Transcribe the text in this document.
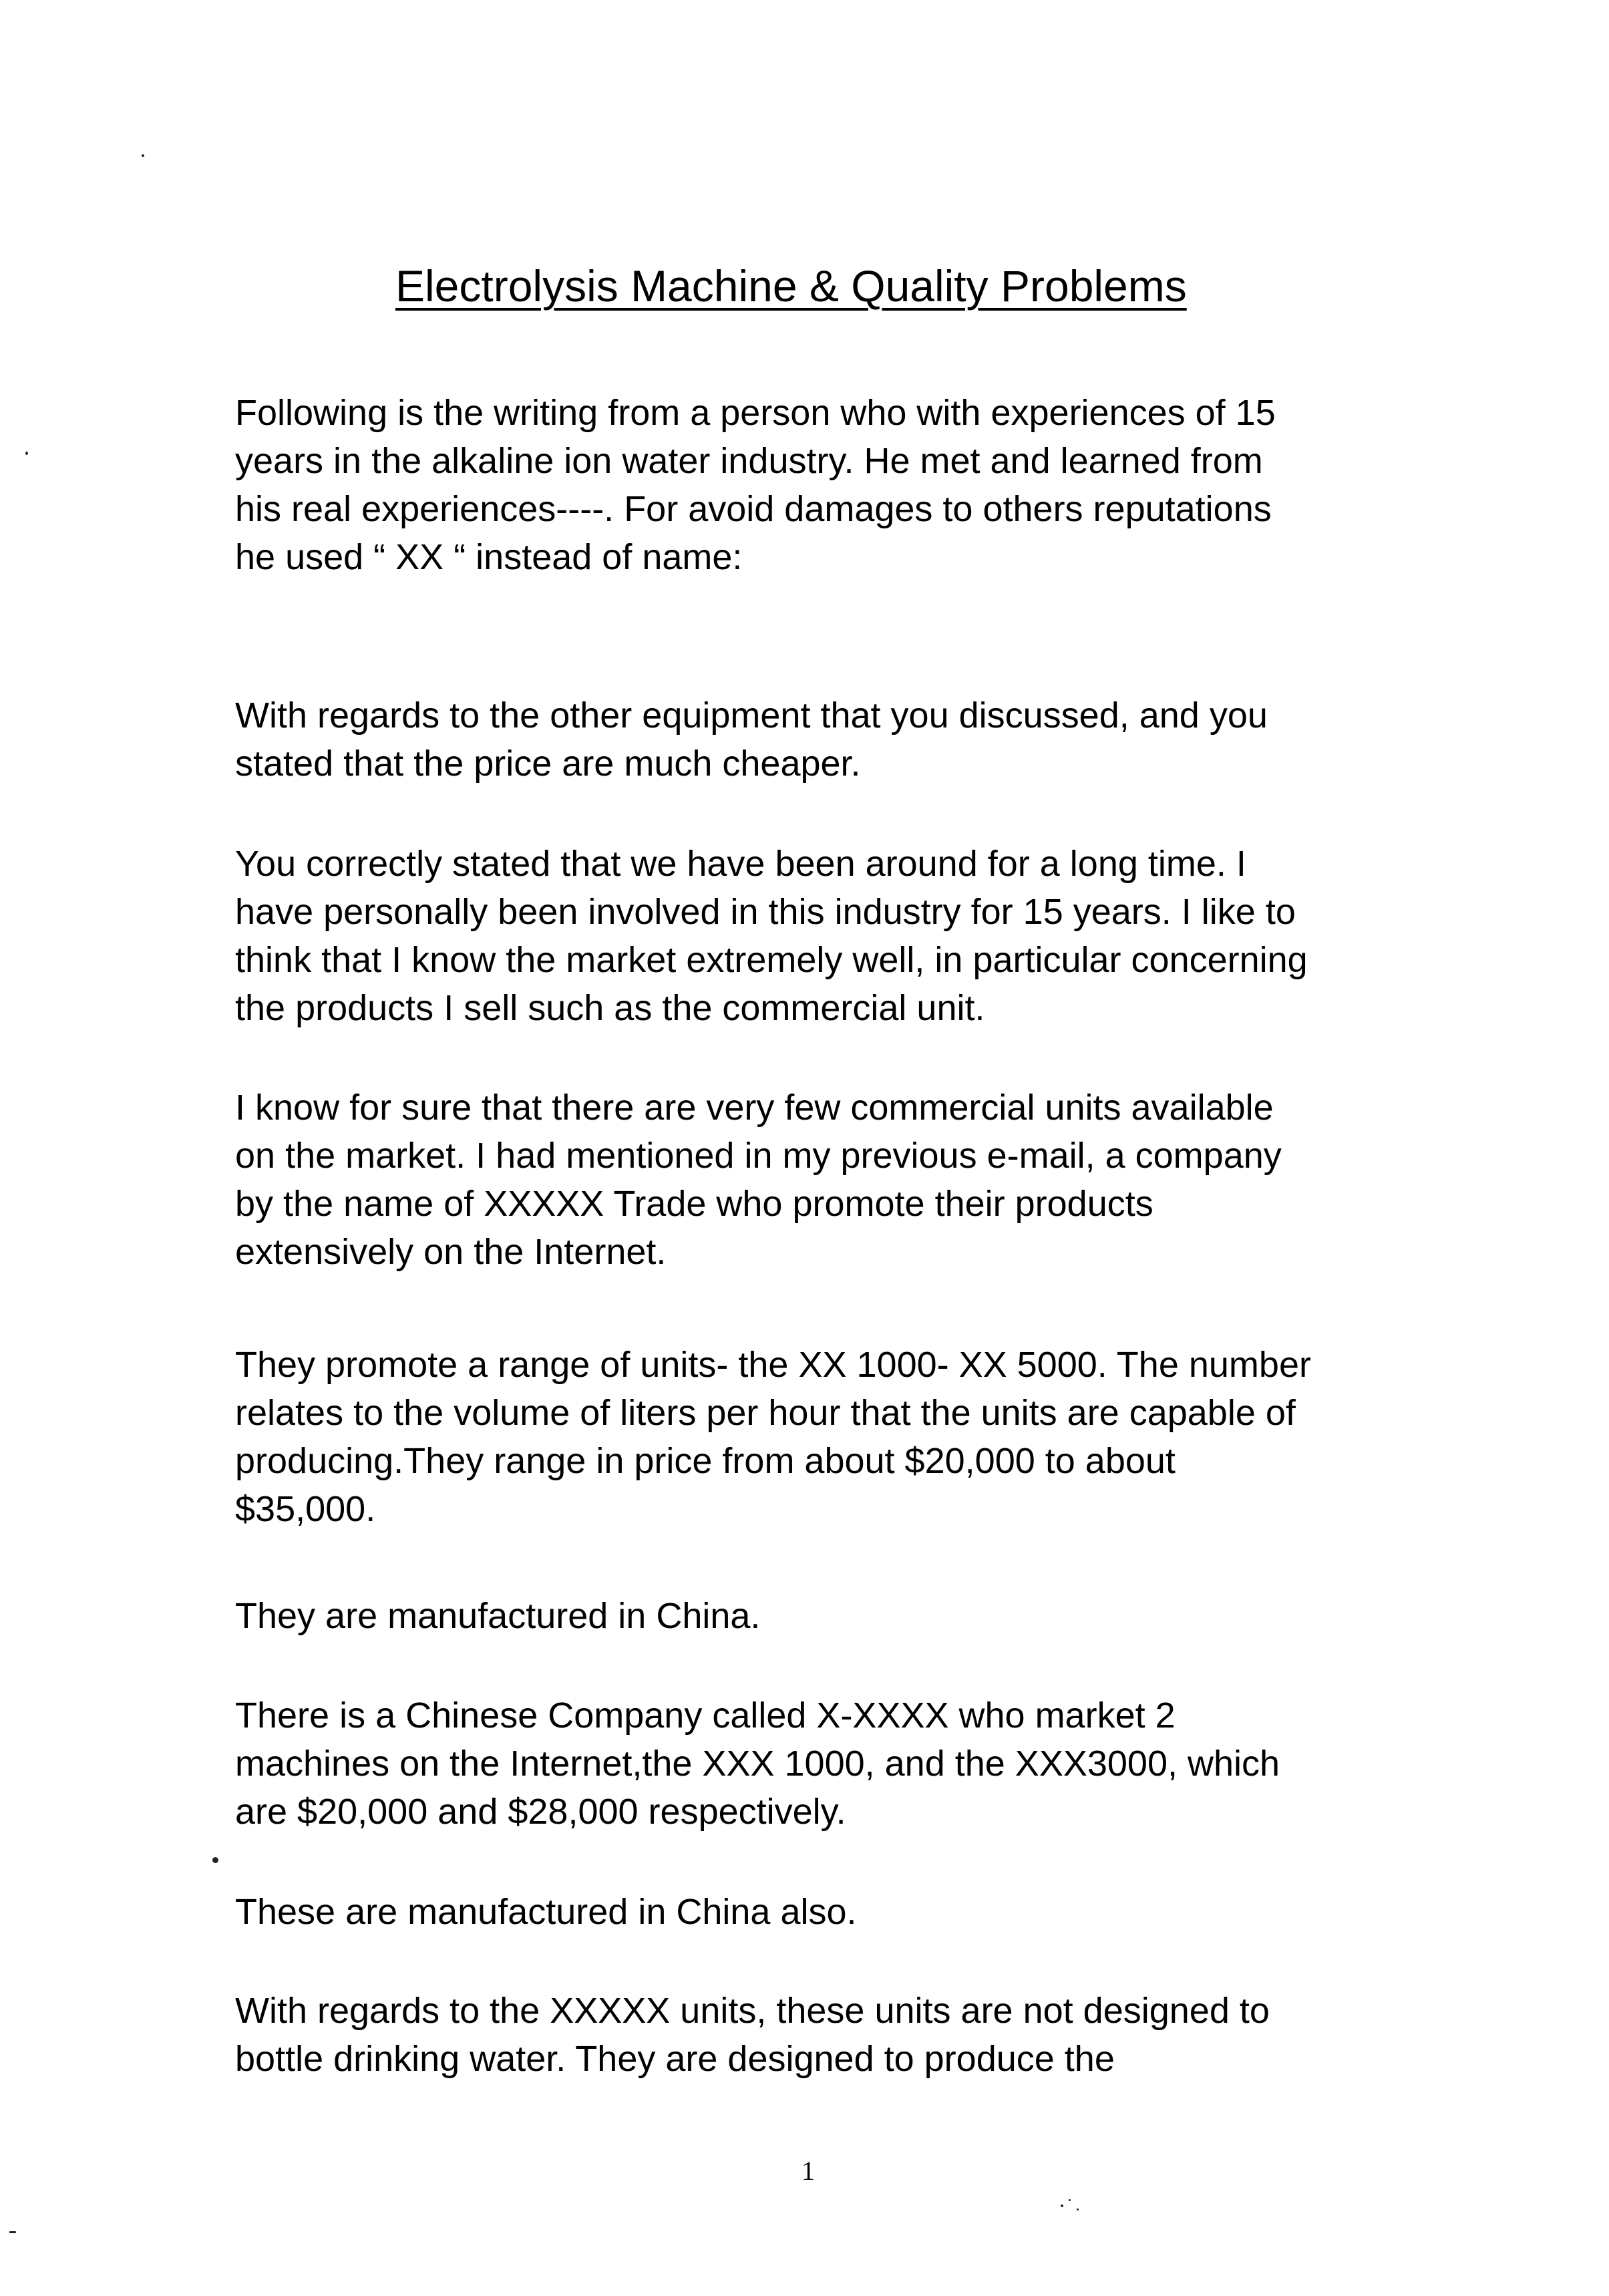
Electrolysis Machine & Quality Problems

Following is the writing from a person who with experiences of 15
years in the alkaline ion water industry. He met and learned from
his real experiences----. For avoid damages to others reputations
he used “ XX “ instead of name:

With regards to the other equipment that you discussed, and you
stated that the price are much cheaper.

You correctly stated that we have been around for a long time. I
have personally been involved in this industry for 15 years. I like to
think that I know the market extremely well, in particular concerning
the products I sell such as the commercial unit.

I know for sure that there are very few commercial units available
on the market. I had mentioned in my previous e-mail, a company
by the name of XXXXX Trade who promote their products
extensively on the Internet.

They promote a range of units- the XX 1000- XX 5000. The number
relates to the volume of liters per hour that the units are capable of
producing.They range in price from about $20,000 to about
$35,000.

They are manufactured in China.

There is a Chinese Company called X-XXXX who market 2
machines on the Internet,the XXX 1000, and the XXX3000, which
are $20,000 and $28,000 respectively.

These are manufactured in China also.

With regards to the XXXXX units, these units are not designed to
bottle drinking water. They are designed to produce the

1
